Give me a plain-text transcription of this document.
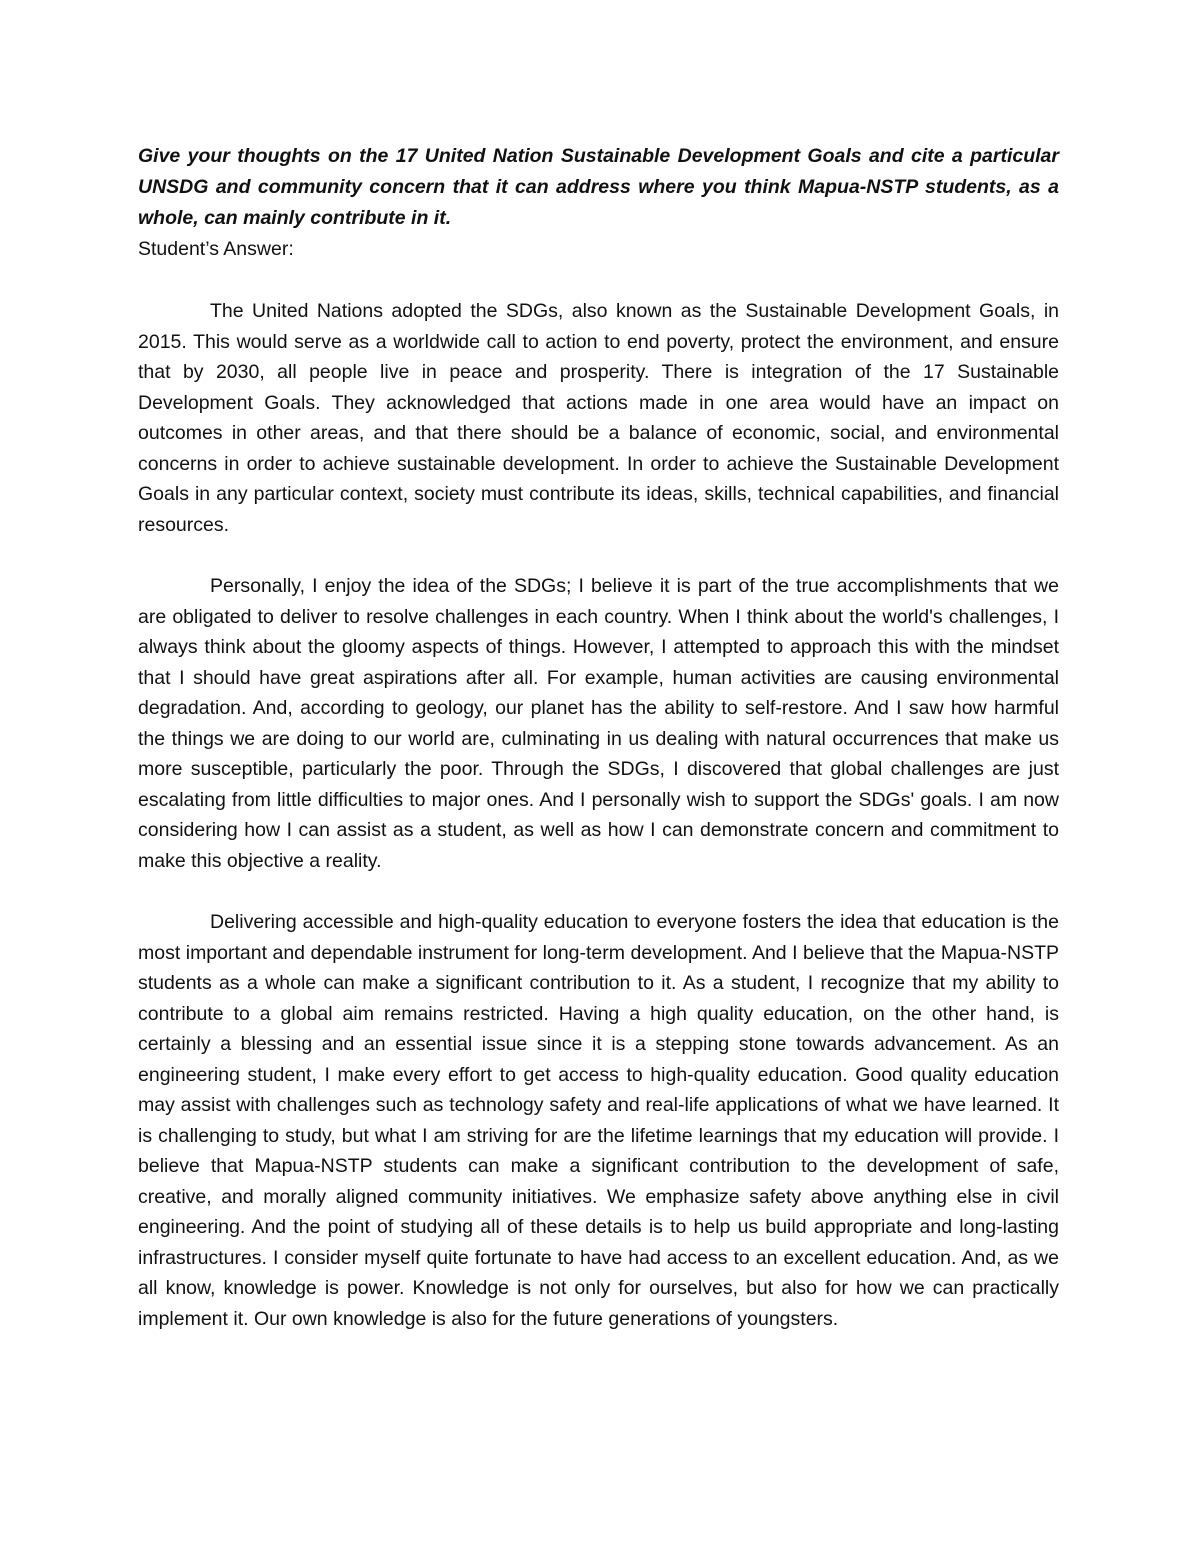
Give your thoughts on the 17 United Nation Sustainable Development Goals and cite a particular UNSDG and community concern that it can address where you think Mapua-NSTP students, as a whole, can mainly contribute in it.

Student’s Answer:

The United Nations adopted the SDGs, also known as the Sustainable Development Goals, in 2015. This would serve as a worldwide call to action to end poverty, protect the environment, and ensure that by 2030, all people live in peace and prosperity. There is integration of the 17 Sustainable Development Goals. They acknowledged that actions made in one area would have an impact on outcomes in other areas, and that there should be a balance of economic, social, and environmental concerns in order to achieve sustainable development. In order to achieve the Sustainable Development Goals in any particular context, society must contribute its ideas, skills, technical capabilities, and financial resources.

Personally, I enjoy the idea of the SDGs; I believe it is part of the true accomplishments that we are obligated to deliver to resolve challenges in each country. When I think about the world's challenges, I always think about the gloomy aspects of things. However, I attempted to approach this with the mindset that I should have great aspirations after all. For example, human activities are causing environmental degradation. And, according to geology, our planet has the ability to self-restore. And I saw how harmful the things we are doing to our world are, culminating in us dealing with natural occurrences that make us more susceptible, particularly the poor. Through the SDGs, I discovered that global challenges are just escalating from little difficulties to major ones. And I personally wish to support the SDGs' goals. I am now considering how I can assist as a student, as well as how I can demonstrate concern and commitment to make this objective a reality.

Delivering accessible and high-quality education to everyone fosters the idea that education is the most important and dependable instrument for long-term development. And I believe that the Mapua-NSTP students as a whole can make a significant contribution to it. As a student, I recognize that my ability to contribute to a global aim remains restricted. Having a high quality education, on the other hand, is certainly a blessing and an essential issue since it is a stepping stone towards advancement. As an engineering student, I make every effort to get access to high-quality education. Good quality education may assist with challenges such as technology safety and real-life applications of what we have learned. It is challenging to study, but what I am striving for are the lifetime learnings that my education will provide. I believe that Mapua-NSTP students can make a significant contribution to the development of safe, creative, and morally aligned community initiatives. We emphasize safety above anything else in civil engineering. And the point of studying all of these details is to help us build appropriate and long-lasting infrastructures. I consider myself quite fortunate to have had access to an excellent education. And, as we all know, knowledge is power. Knowledge is not only for ourselves, but also for how we can practically implement it. Our own knowledge is also for the future generations of youngsters.
